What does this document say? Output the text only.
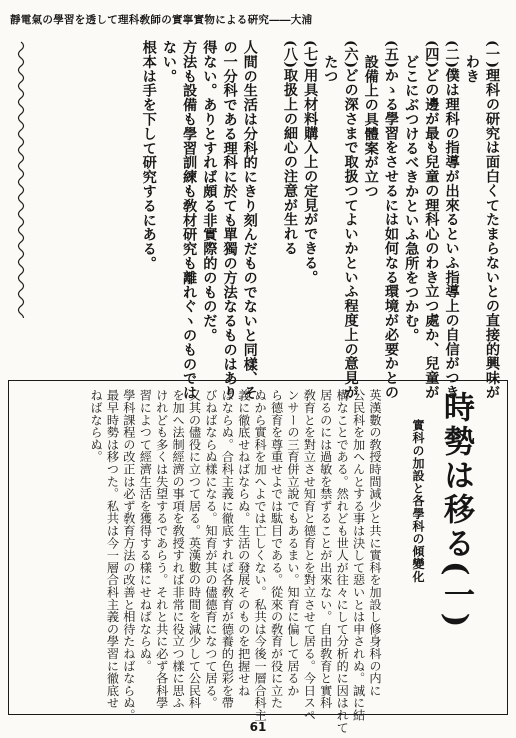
靜電氣の學習を透して理科敎師の實寧實物による硏究――大浦
(一)理科の研究は面白くてたまらないとの直接的興味が
　わき
(二)僕は理科の指導が出來るといふ指導上の自信がつき
(四)どの邊が最も兒童の理科心のわき立つ處か、兒童が
　どこにぶつけるべきかといふ急所をつかむ。
(五)かゝる學習をさせるには如何なる環境が必要かとの
　設備上の具體案が立つ
(六)どの深さまで取扱つてよいかといふ程度上の意見が
　たつ
(七)用具材料購入上の定見ができる。
(八)取扱上の細心の注意が生れる
人間の生活は分科的にきり刻んだものでないと同樣、そ
の一分科である理科に於ても單獨の方法なるものはあり
得ない。ありとすれば頗る非實際的のものだ。
方法も設備も學習訓練も敎材研究も離れぐヽのものでは
ない。
根本は手を下して研究するにある。
時勢は移る(一)
實科の加設と各學科の傾變化
英漢數の敎授時間減少と共に實科を加設し修身科の内に
公民科を加へんとする事は決して惡いとは申されぬ。誠に結
構なことである。然れども世人が往々にして分析的に因はれて
居るのには過敏を禁ずることが出來ない。自由敎育と實科
敎育とを對立させ知育と德育とを對立させて居る。今日スペ
ンサーの三育併立說でもあるまい。知育に偏して居るか
ら德育を尊重せよでは駄目である。從來の敎育が役に立た
ぬから實科を加へよでは亡しくない。私共は今後一層合科主
義に徹底せねばならぬ。生活の發展そのものを把握せね
ばならぬ。合科主義に徹底すれば各敎育が德養的色彩を帶
びねばならぬ樣になる。知育が其の儘德育になつて居る。
又其の儘役に立つて居る。英漢數の時間を減少して公民科
を加へ法制經濟の事項を敎授すれば非常に役立つ樣に思ふ
けれども多くは失望するであらう。それと共に必ず各科學
習によつて經濟生活を獲得する樣にせねばならぬ。
學科課程の改正は必ず敎育方法の改善と相待たねばならぬ。
最早時勢は移つた。私共は今一層合科主義の學習に徹底せ
ねばならぬ。
61
